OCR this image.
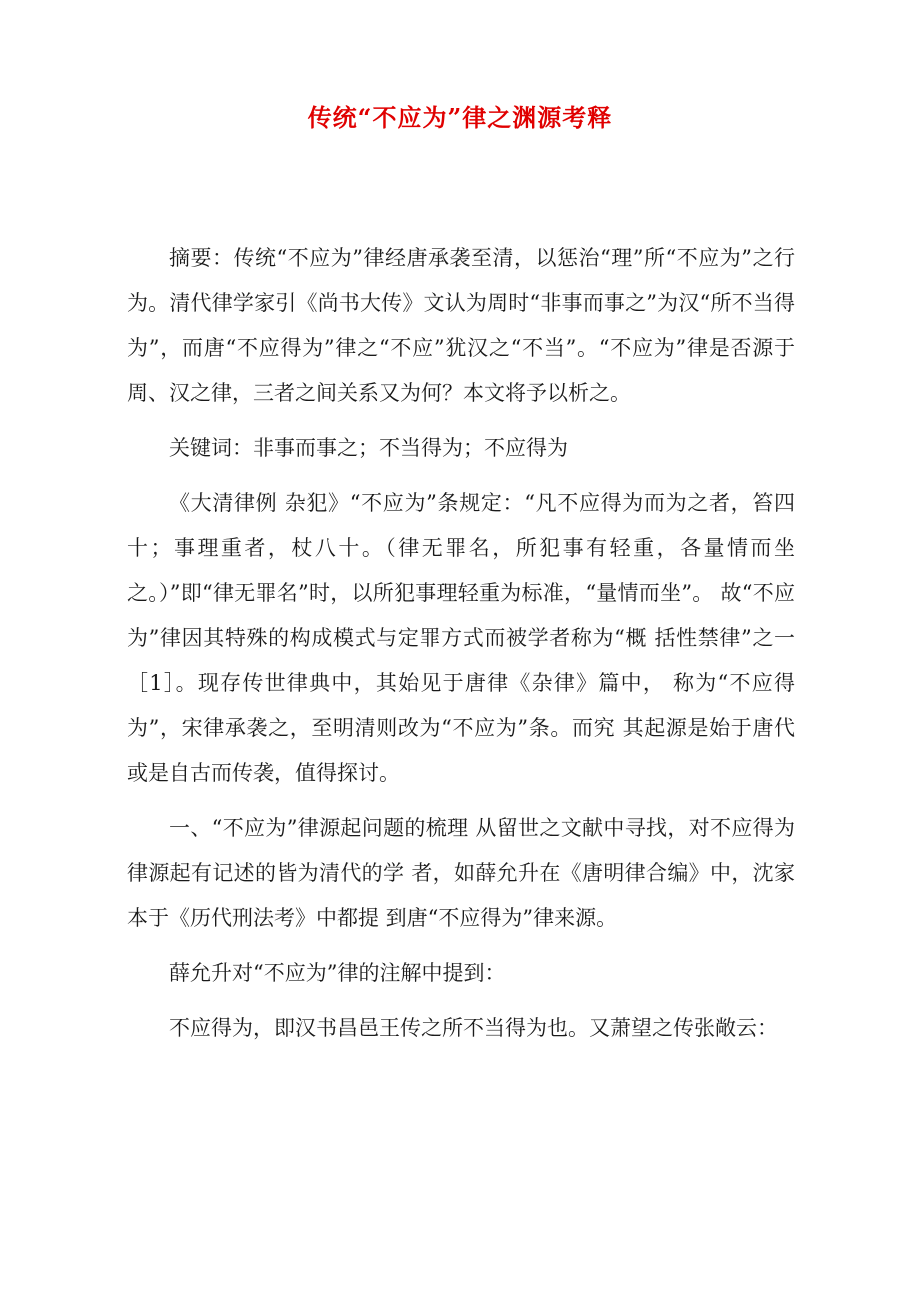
传统“不应为”律之渊源考释

摘要：传统“不应为”律经唐承袭至清，以惩治“理”所“不应为”之行为。清代律学家引《尚书大传》文认为周时“非事而事之”为汉“所不当得为”，而唐“不应得为”律之“不应”犹汉之“不当”。“不应为”律是否源于周、汉之律，三者之间关系又为何？本文将予以析之。

关键词：非事而事之；不当得为；不应得为

《大清律例 杂犯》“不应为”条规定：“凡不应得为而为之者，笞四十；事理重者，杖八十。（律无罪名，所犯事有轻重，各量情而坐之。）”即“律无罪名”时，以所犯事理轻重为标准，“量情而坐”。 故“不应为”律因其特殊的构成模式与定罪方式而被学者称为“概 括性禁律”之一［1］。现存传世律典中，其始见于唐律《杂律》篇中， 称为“不应得为”，宋律承袭之，至明清则改为“不应为”条。而究 其起源是始于唐代或是自古而传袭，值得探讨。

一、“不应为”律源起问题的梳理 从留世之文献中寻找，对不应得为律源起有记述的皆为清代的学 者，如薛允升在《唐明律合编》中，沈家本于《历代刑法考》中都提 到唐“不应得为”律来源。

薛允升对“不应为”律的注解中提到：

不应得为，即汉书昌邑王传之所不当得为也。又萧望之传张敞云：
